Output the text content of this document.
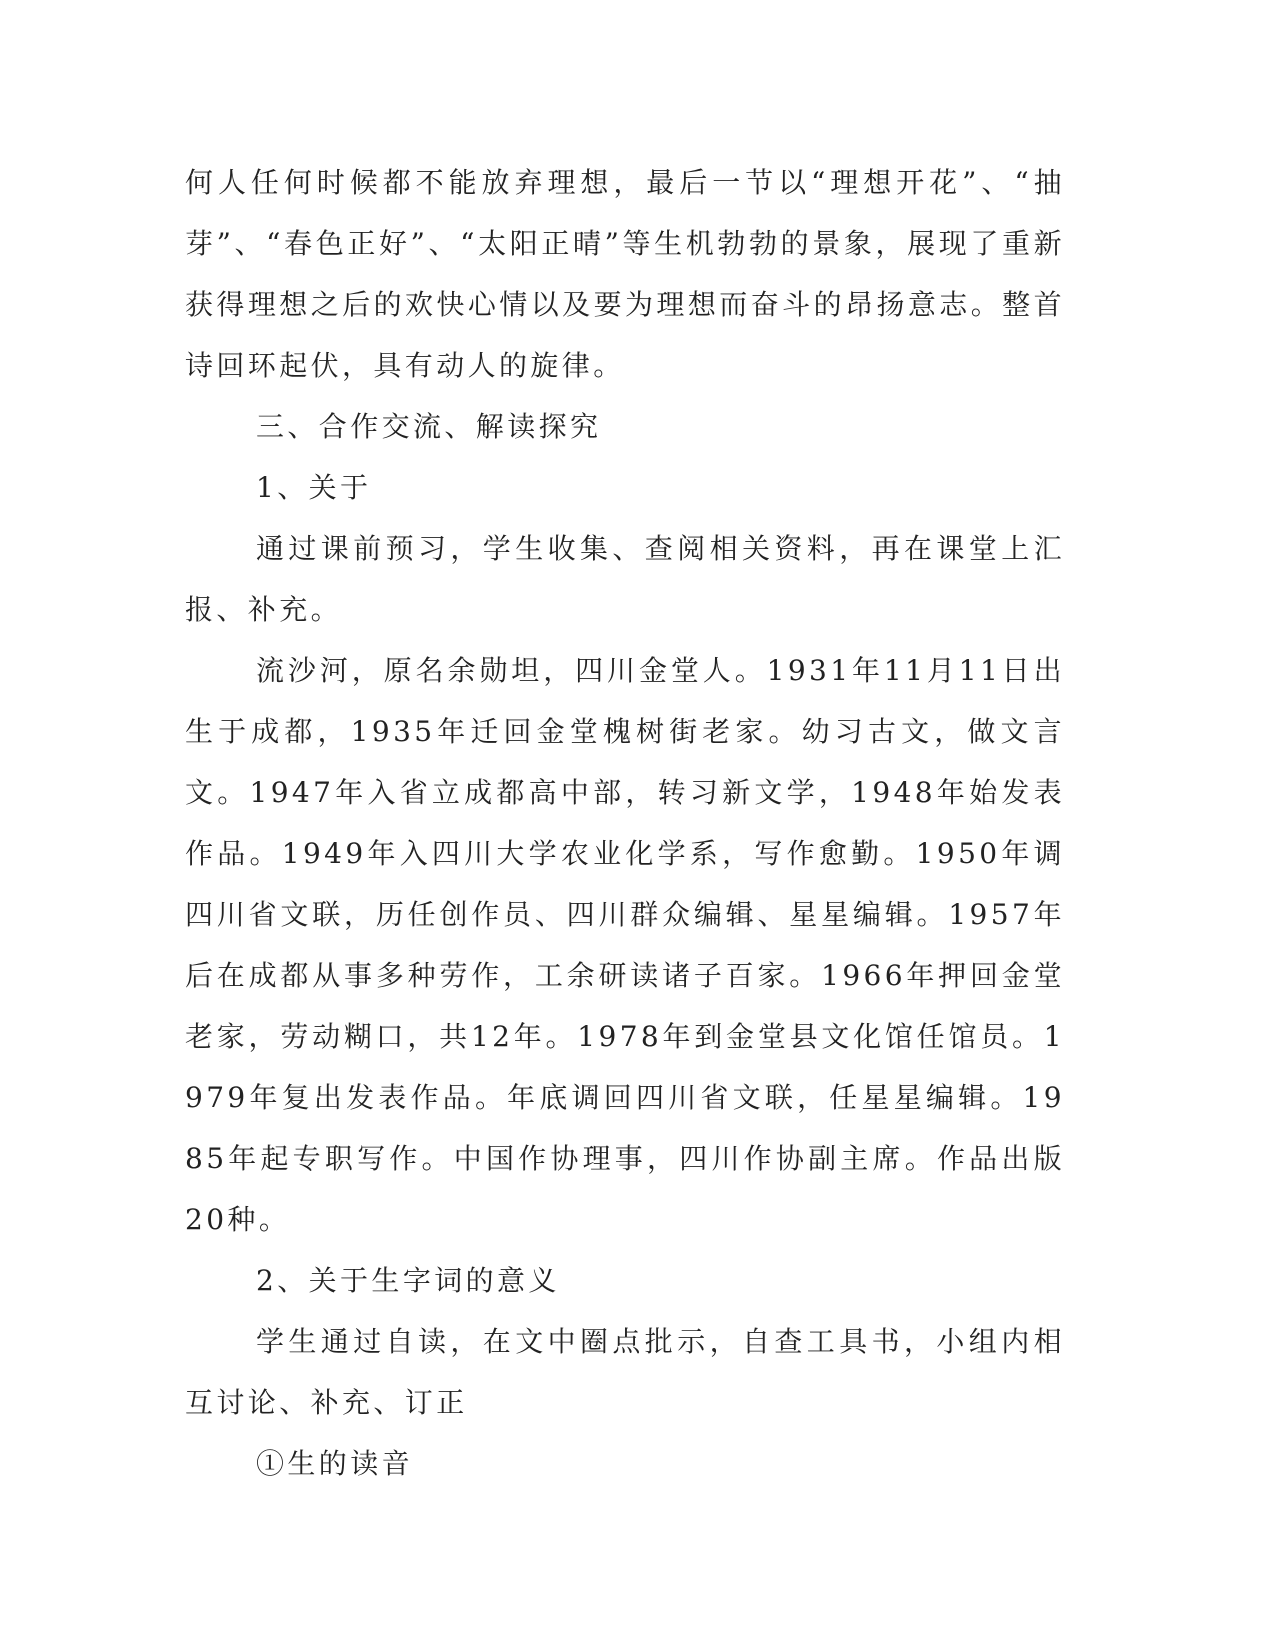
何人任何时候都不能放弃理想，最后一节以“理想开花”、“抽芽”、“春色正好”、“太阳正晴”等生机勃勃的景象，展现了重新获得理想之后的欢快心情以及要为理想而奋斗的昂扬意志。整首诗回环起伏，具有动人的旋律。

三、合作交流、解读探究

1、关于

通过课前预习，学生收集、查阅相关资料，再在课堂上汇报、补充。

流沙河，原名余勋坦，四川金堂人。1931年11月11日出生于成都，1935年迁回金堂槐树街老家。幼习古文，做文言文。1947年入省立成都高中部，转习新文学，1948年始发表作品。1949年入四川大学农业化学系，写作愈勤。1950年调四川省文联，历任创作员、四川群众编辑、星星编辑。1957年后在成都从事多种劳作，工余研读诸子百家。1966年押回金堂老家，劳动糊口，共12年。1978年到金堂县文化馆任馆员。1979年复出发表作品。年底调回四川省文联，任星星编辑。1985年起专职写作。中国作协理事，四川作协副主席。作品出版20种。

2、关于生字词的意义

学生通过自读，在文中圈点批示，自查工具书，小组内相互讨论、补充、订正

①生的读音
